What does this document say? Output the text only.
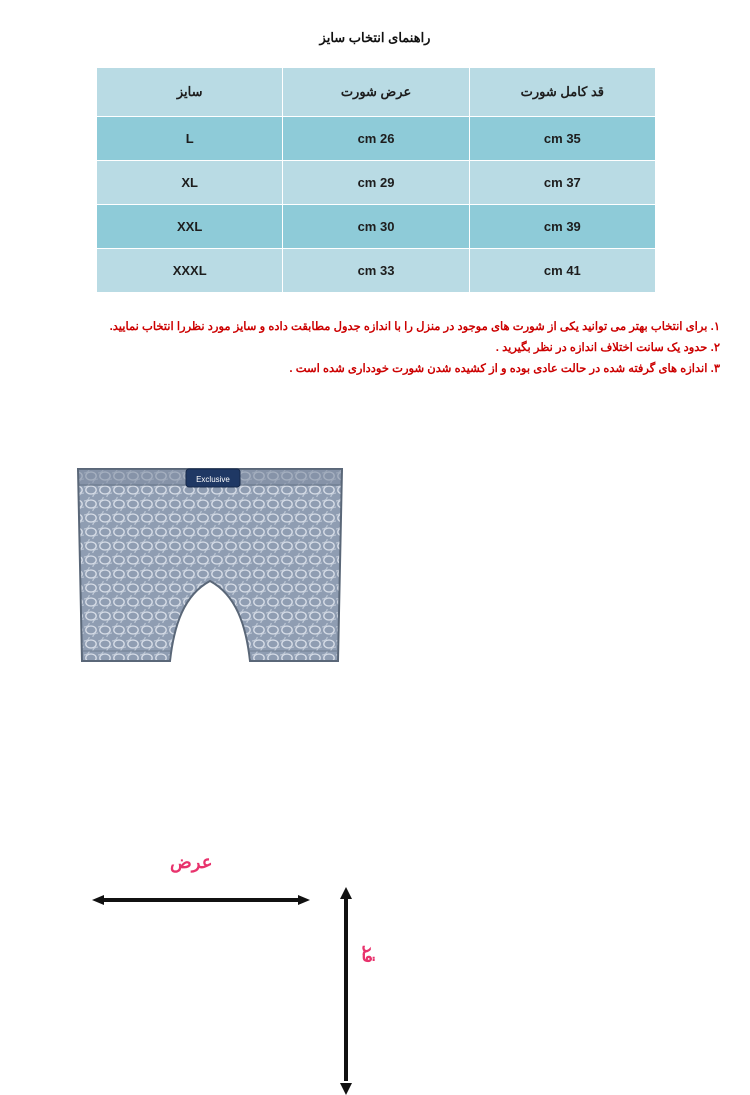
راهنمای انتخاب سایز
قد کامل شورت	عرض شورت	سایز
35 cm	26 cm	L
37 cm	29 cm	XL
39 cm	30 cm	XXL
41 cm	33 cm	XXXL

۱. برای انتخاب بهتر می توانید یکی از شورت های موجود در منزل را با اندازه جدول مطابقت داده و سایز مورد نظررا انتخاب نمایید.

۲. حدود یک سانت اختلاف اندازه در نظر بگیرید .

۳. اندازه های گرفته شده در حالت عادی بوده و از کشیده شدن شورت خودداری شده است .

Exclusive
عرض
قد
